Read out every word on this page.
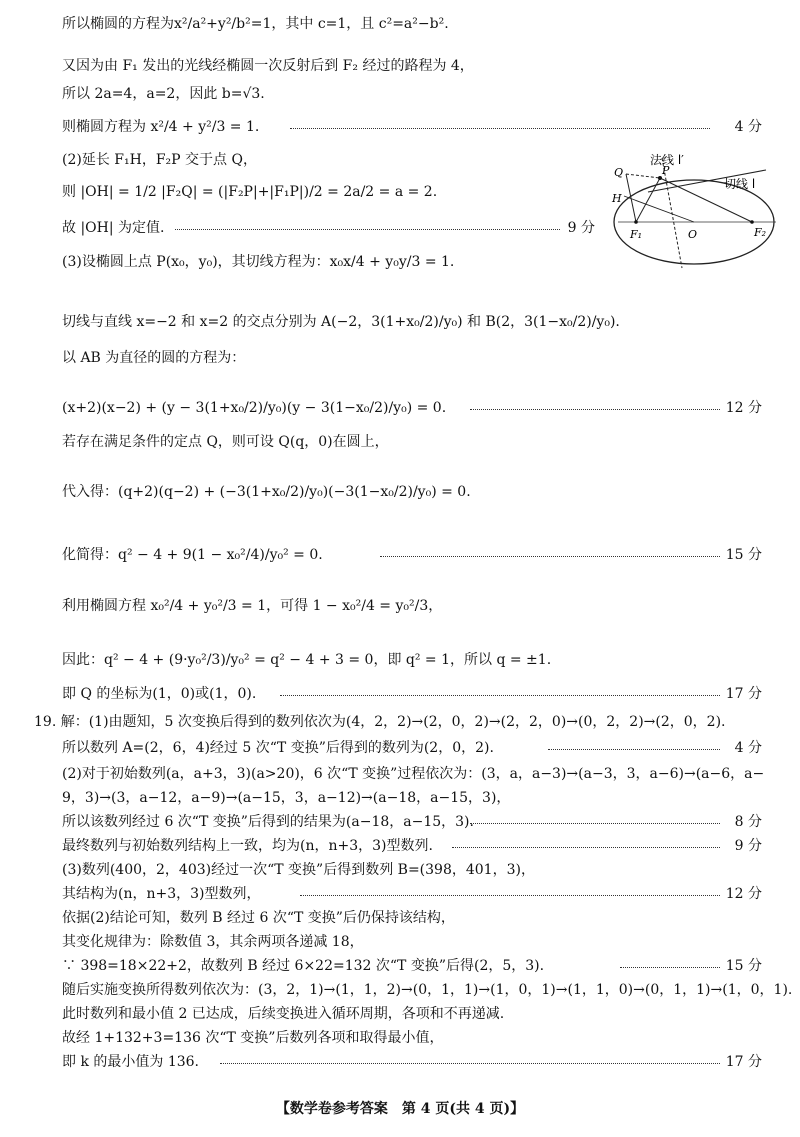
所以椭圆的方程为x²/a²+y²/b²=1，其中 c=1，且 c²=a²−b².
又因为由 F₁ 发出的光线经椭圆一次反射后到 F₂ 经过的路程为 4，
所以 2a=4，a=2，因此 b=√3.
则椭圆方程为 x²/4 + y²/3 = 1.	4 分
(2)延长 F₁H，F₂P 交于点 Q，
则 |OH| = 1/2 |F₂Q| = (|F₂P|+|F₁P|)/2 = 2a/2 = a = 2.
故 |OH| 为定值.	9 分
(3)设椭圆上点 P(x₀，y₀)，其切线方程为：x₀x/4 + y₀y/3 = 1.
切线与直线 x=−2 和 x=2 的交点分别为 A(−2，3(1+x₀/2)/y₀) 和 B(2，3(1−x₀/2)/y₀).
以 AB 为直径的圆的方程为：
(x+2)(x−2) + (y − 3(1+x₀/2)/y₀)(y − 3(1−x₀/2)/y₀) = 0.	12 分
若存在满足条件的定点 Q，则可设 Q(q，0)在圆上，
代入得：(q+2)(q−2) + (−3(1+x₀/2)/y₀)(−3(1−x₀/2)/y₀) = 0.
化简得：q² − 4 + 9(1 − x₀²/4)/y₀² = 0.	15 分
利用椭圆方程 x₀²/4 + y₀²/3 = 1，可得 1 − x₀²/4 = y₀²/3，
因此：q² − 4 + (9·y₀²/3)/y₀² = q² − 4 + 3 = 0，即 q² = 1，所以 q = ±1.
即 Q 的坐标为(1，0)或(1，0).	17 分
19. 解：(1)由题知，5 次变换后得到的数列依次为(4，2，2)→(2，0，2)→(2，2，0)→(0，2，2)→(2，0，2).
所以数列 A=(2，6，4)经过 5 次“T 变换”后得到的数列为(2，0，2).	4 分
(2)对于初始数列(a，a+3，3)(a>20)，6 次“T 变换”过程依次为：(3，a，a−3)→(a−3，3，a−6)→(a−6，a−
9，3)→(3，a−12，a−9)→(a−15，3，a−12)→(a−18，a−15，3)，
所以该数列经过 6 次“T 变换”后得到的结果为(a−18，a−15，3).	8 分
最终数列与初始数列结构上一致，均为(n，n+3，3)型数列.	9 分
(3)数列(400，2，403)经过一次“T 变换”后得到数列 B=(398，401，3)，
其结构为(n，n+3，3)型数列，	12 分
依据(2)结论可知，数列 B 经过 6 次“T 变换”后仍保持该结构，
其变化规律为：除数值 3，其余两项各递减 18，
∵ 398=18×22+2，故数列 B 经过 6×22=132 次“T 变换”后得(2，5，3).	15 分
随后实施变换所得数列依次为：(3，2，1)→(1，1，2)→(0，1，1)→(1，0，1)→(1，1，0)→(0，1，1)→(1，0，1).
此时数列和最小值 2 已达成，后续变换进入循环周期，各项和不再递减.
故经 1+132+3=136 次“T 变换”后数列各项和取得最小值，
即 k 的最小值为 136.	17 分
法线 l′
切线 l
Q	P
H
F₁	O	F₂
【数学卷参考答案　第 4 页(共 4 页)】
